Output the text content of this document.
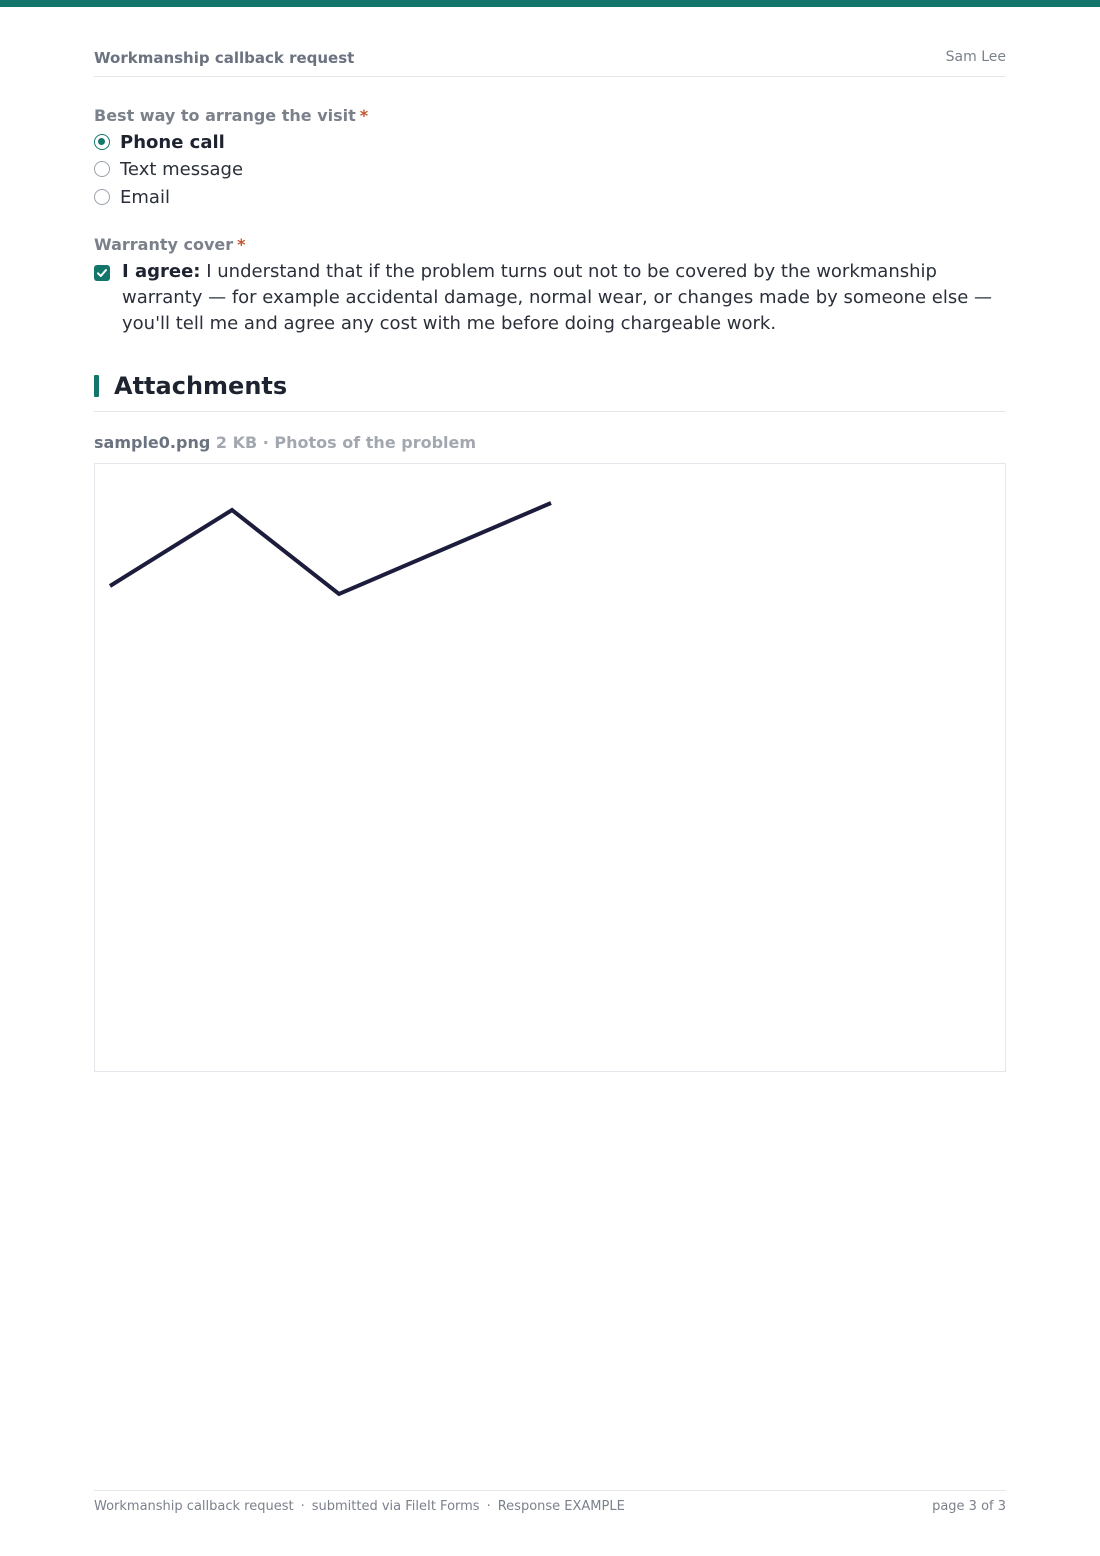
Workmanship callback request	Sam Lee
Best way to arrange the visit *
Phone call
Text message
Email
Warranty cover *
I agree: I understand that if the problem turns out not to be covered by the workmanship warranty — for example accidental damage, normal wear, or changes made by someone else — you'll tell me and agree any cost with me before doing chargeable work.
Attachments
sample0.png 2 KB · Photos of the problem
Workmanship callback request · submitted via FileIt Forms · Response EXAMPLE	page 3 of 3
